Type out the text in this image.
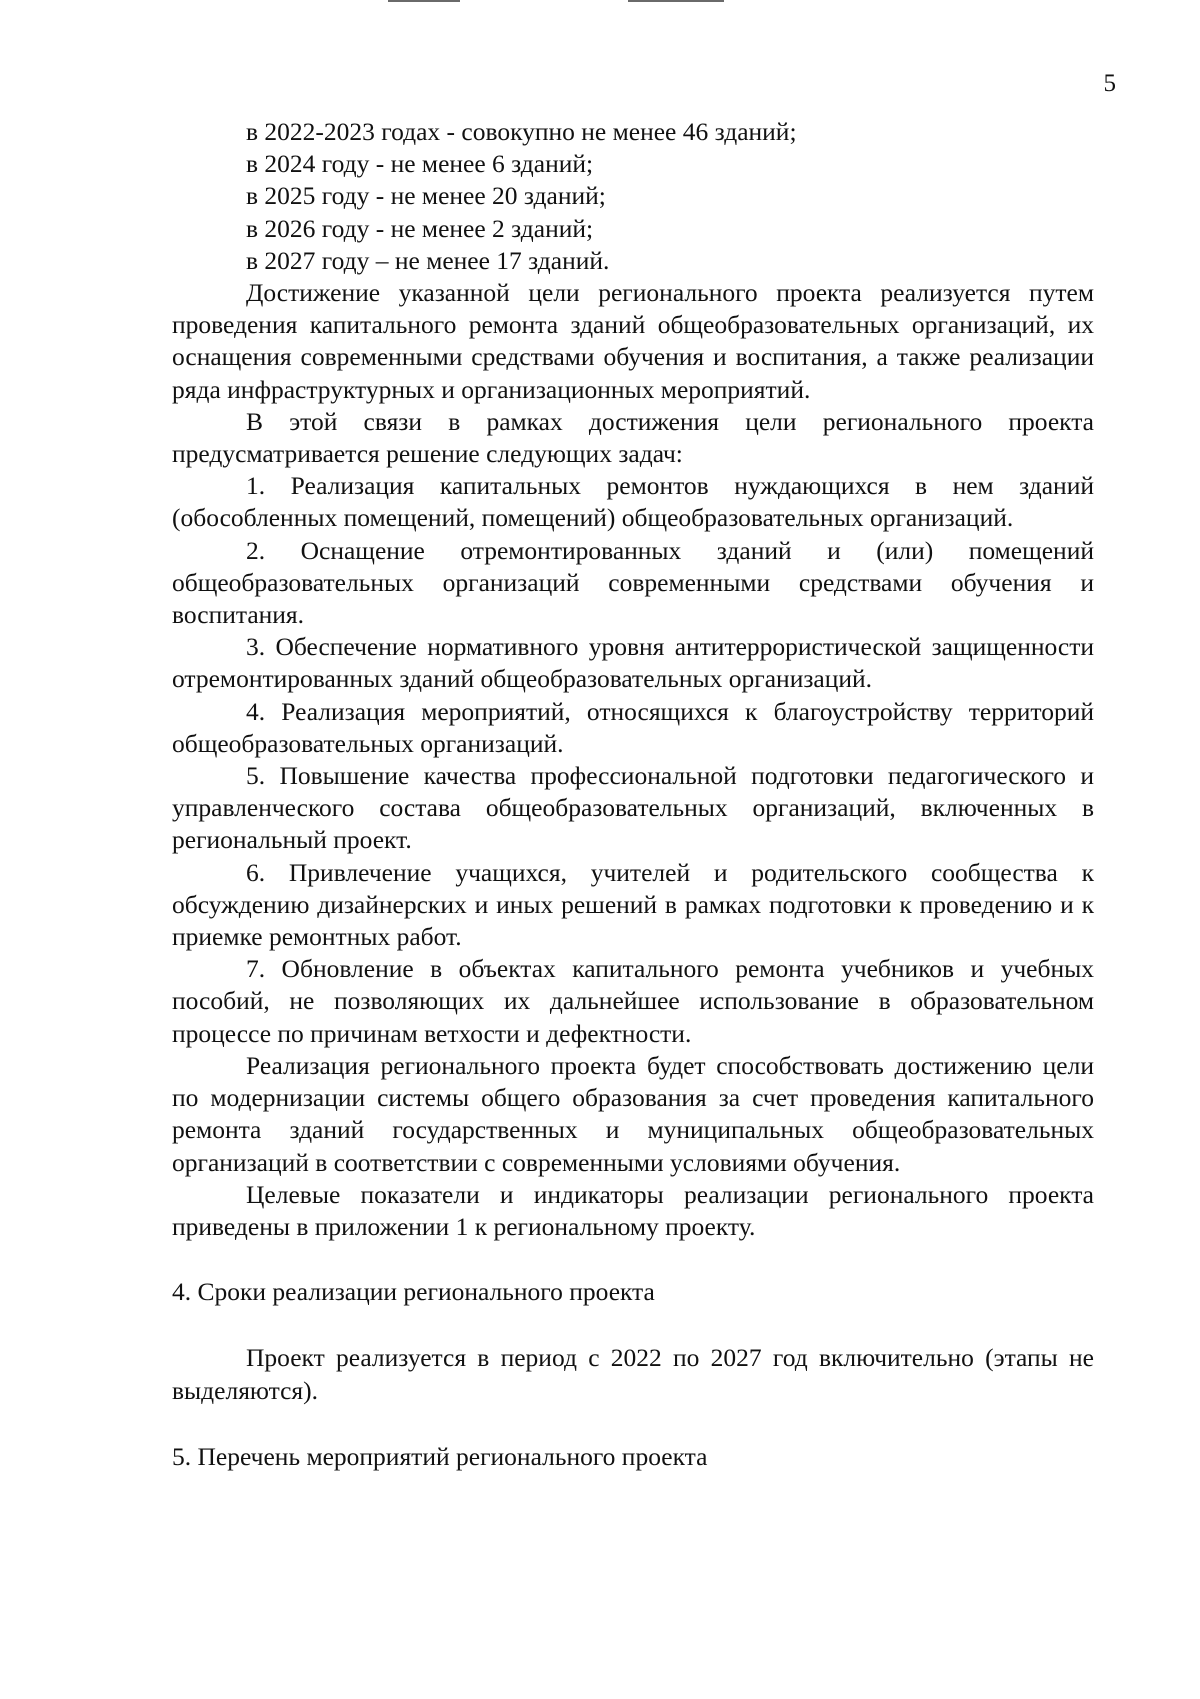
5

в 2022-2023 годах - совокупно не менее 46 зданий;

в 2024 году - не менее 6 зданий;

в 2025 году - не менее 20 зданий;

в 2026 году - не менее 2 зданий;

в 2027 году – не менее 17 зданий.

Достижение указанной цели регионального проекта реализуется путем проведения капитального ремонта зданий общеобразовательных организаций, их оснащения современными средствами обучения и воспитания, а также реализации ряда инфраструктурных и организационных мероприятий.

В этой связи в рамках достижения цели регионального проекта предусматривается решение следующих задач:

1. Реализация капитальных ремонтов нуждающихся в нем зданий (обособленных помещений, помещений) общеобразовательных организаций.

2. Оснащение отремонтированных зданий и (или) помещений общеобразовательных организаций современными средствами обучения и воспитания.

3. Обеспечение нормативного уровня антитеррористической защищенности отремонтированных зданий общеобразовательных организаций.

4. Реализация мероприятий, относящихся к благоустройству территорий общеобразовательных организаций.

5. Повышение качества профессиональной подготовки педагогического и управленческого состава общеобразовательных организаций, включенных в региональный проект.

6. Привлечение учащихся, учителей и родительского сообщества к обсуждению дизайнерских и иных решений в рамках подготовки к проведению и к приемке ремонтных работ.

7. Обновление в объектах капитального ремонта учебников и учебных пособий, не позволяющих их дальнейшее использование в образовательном процессе по причинам ветхости и дефектности.

Реализация регионального проекта будет способствовать достижению цели по модернизации системы общего образования за счет проведения капитального ремонта зданий государственных и муниципальных общеобразовательных организаций в соответствии с современными условиями обучения.

Целевые показатели и индикаторы реализации регионального проекта приведены в приложении 1 к региональному проекту.

4. Сроки реализации регионального проекта

Проект реализуется в период с 2022 по 2027 год включительно (этапы не выделяются).

5. Перечень мероприятий регионального проекта
